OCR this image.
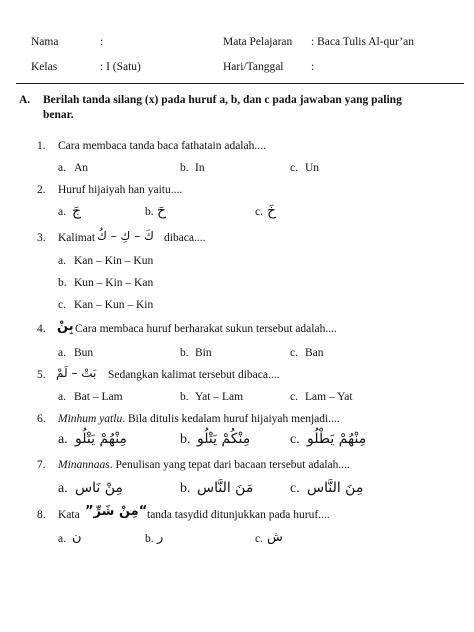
Nama	:	Mata Pelajaran : Baca Tulis Al-qur’an
Kelas	: I (Satu)	Hari/Tanggal :
A. Berilah tanda silang (x) pada huruf a, b, dan c pada jawaban yang paling
benar.
1. Cara membaca tanda baca fathatain adalah....
a. An	b. In	c. Un
2. Huruf hijaiyah han yaitu....
a. جَ	b. حَ	c. خَ
3. Kalimat كَ – كِ – كُ dibaca....
a. Kan – Kin – Kun
b. Kun – Kin – Kan
c. Kan – Kun – Kin
4. بِنْ Cara membaca huruf berharakat sukun tersebut adalah....
a. Bun	b. Bin	c. Ban
5. بَتْ – لَمْ Sedangkan kalimat tersebut dibaca....
a. Bat – Lam	b. Yat – Lam	c. Lam – Yat
6. Minhum yatlu. Bila ditulis kedalam huruf hijaiyah menjadi....
a. مِنْهُمْ يَتْلُو	b. مِنْكُمْ يَتْلُو	c. مِنْهُمْ يَطْلُو
7. Minannaas. Penulisan yang tepat dari bacaan tersebut adalah....
a. مِنْ نَاس	b. مَنَ النَّاس	c. مِنَ النَّاس
8. Kata “مِنْ شَرِّ” tanda tasydid ditunjukkan pada huruf....
a. ن	b. ر	c. ش
